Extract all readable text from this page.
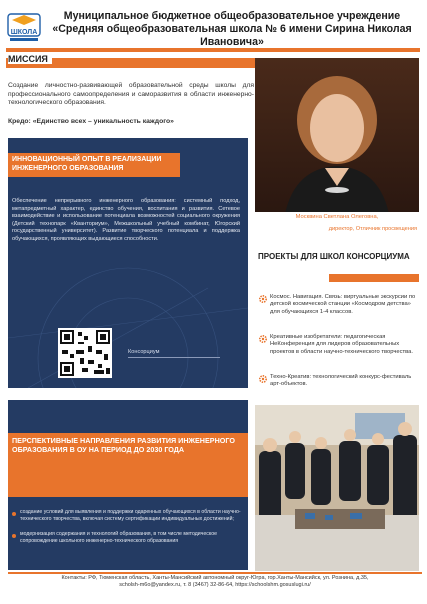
ШКОЛА
Муниципальное бюджетное общеобразовательное учреждение «Средняя общеобразовательная школа № 6 имени Сирина Николая Ивановича»
МИССИЯ
Создание личностно-развивающей образовательной среды школы для профессионального самоопределения и саморазвития в области инженерно-технологического образования.
Кредо: «Единство всех – уникальность каждого»
Москвина Светлана Олеговна,
директор, Отличник просвещения
ИННОВАЦИОННЫЙ ОПЫТ В РЕАЛИЗАЦИИ ИНЖЕНЕРНОГО ОБРАЗОВАНИЯ
Обеспечение непрерывного инженерного образования: системный подход, метапредметный характер, единство обучения, воспитания и развития. Сетевое взаимодействие и использование потенциала возможностей социального окружения (Детский технопарк «Кванториум», Межшкольный учебный комбинат, Югорский государственный университет). Развитие творческого потенциала и поддержка обучающихся, проявляющих выдающиеся способности.
Консорциум
ПРОЕКТЫ ДЛЯ ШКОЛ КОНСОРЦИУМА
Космос. Навигация. Связь: виртуальные экскурсии по детской космической станции «Космодром детства» для обучающихся 1-4 классов.
Креативные изобретатели: педагогическая НеКонференция для лидеров образовательных проектов в области научно-технического творчества.
Техно-Креатив: технологический конкурс-фестиваль арт-объектов.
ПЕРСПЕКТИВНЫЕ НАПРАВЛЕНИЯ РАЗВИТИЯ ИНЖЕНЕРНОГО ОБРАЗОВАНИЯ В ОУ НА ПЕРИОД ДО 2030 ГОДА
создание условий для выявления и поддержки одаренных обучающихся в области научно-технического творчества, включая систему сертификации индивидуальных достижений;
модернизация содержания и технологий образования, в том числе методическое сопровождение школьного инженерно-технического образования
Контакты: РФ, Тюменская область, Ханты-Мансийский автономный округ-Югра, гор.Ханты-Мансийск, ул. Рознина, д.35,
scholsh-m6o@yandex.ru, т. 8 (3467) 32-86-64, https://schoolshm.gosuslugi.ru/
